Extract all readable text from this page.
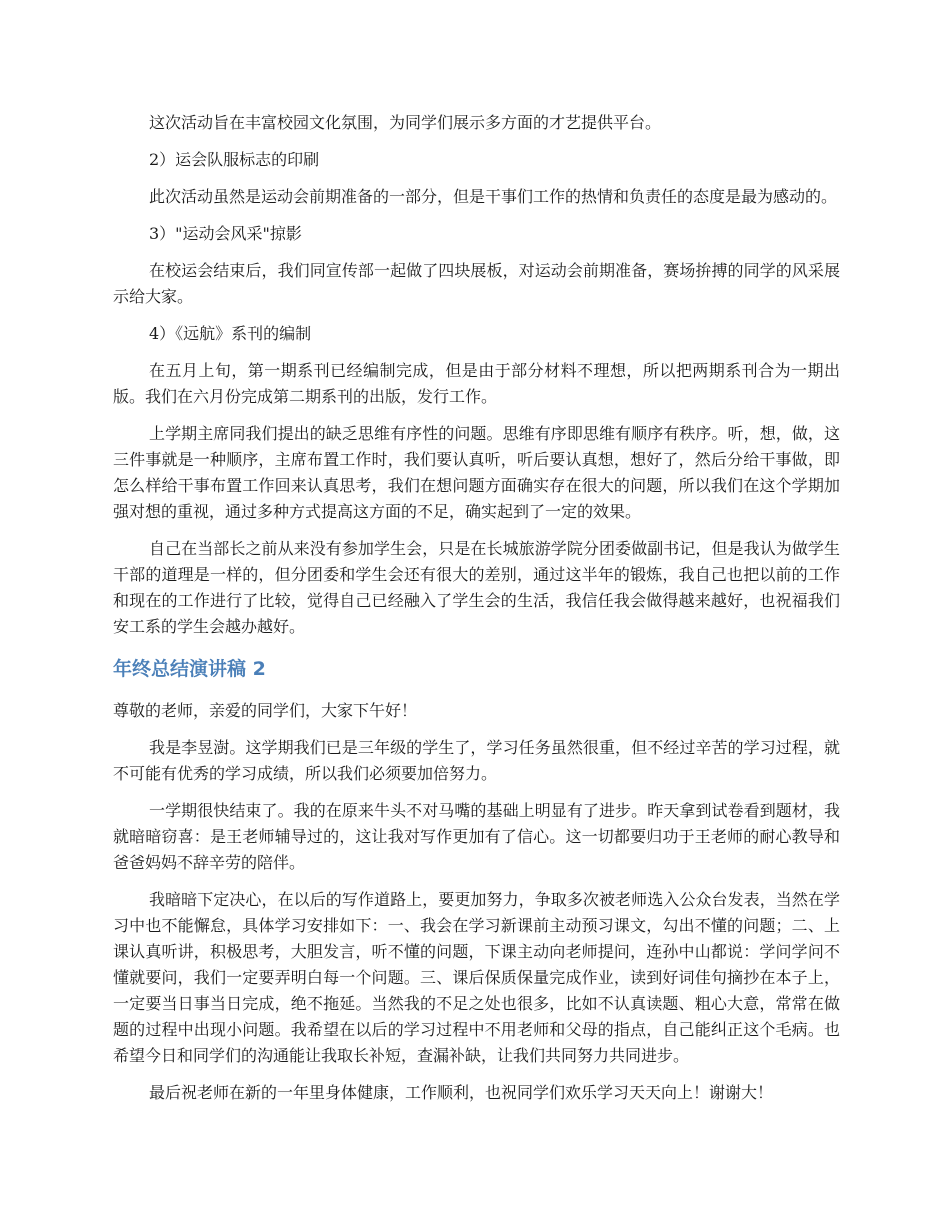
这次活动旨在丰富校园文化氛围，为同学们展示多方面的才艺提供平台。

2）运会队服标志的印刷

此次活动虽然是运动会前期准备的一部分，但是干事们工作的热情和负责任的态度是最为感动的。

3）"运动会风采"掠影

在校运会结束后，我们同宣传部一起做了四块展板，对运动会前期准备，赛场拚搏的同学的风采展示给大家。

4）《远航》系刊的编制

在五月上旬，第一期系刊已经编制完成，但是由于部分材料不理想，所以把两期系刊合为一期出版。我们在六月份完成第二期系刊的出版，发行工作。

上学期主席同我们提出的缺乏思维有序性的问题。思维有序即思维有顺序有秩序。听，想，做，这三件事就是一种顺序，主席布置工作时，我们要认真听，听后要认真想，想好了，然后分给干事做，即怎么样给干事布置工作回来认真思考，我们在想问题方面确实存在很大的问题，所以我们在这个学期加强对想的重视，通过多种方式提高这方面的不足，确实起到了一定的效果。

自己在当部长之前从来没有参加学生会，只是在长城旅游学院分团委做副书记，但是我认为做学生干部的道理是一样的，但分团委和学生会还有很大的差别，通过这半年的锻炼，我自己也把以前的工作和现在的工作进行了比较，觉得自己已经融入了学生会的生活，我信任我会做得越来越好，也祝福我们安工系的学生会越办越好。

年终总结演讲稿 2

尊敬的老师，亲爱的同学们，大家下午好！

我是李昱澍。这学期我们已是三年级的学生了，学习任务虽然很重，但不经过辛苦的学习过程，就不可能有优秀的学习成绩，所以我们必须要加倍努力。

一学期很快结束了。我的在原来牛头不对马嘴的基础上明显有了进步。昨天拿到试卷看到题材，我就暗暗窃喜：是王老师辅导过的，这让我对写作更加有了信心。这一切都要归功于王老师的耐心教导和爸爸妈妈不辞辛劳的陪伴。

我暗暗下定决心，在以后的写作道路上，要更加努力，争取多次被老师选入公众台发表，当然在学习中也不能懈怠，具体学习安排如下：一、我会在学习新课前主动预习课文，勾出不懂的问题；二、上课认真听讲，积极思考，大胆发言，听不懂的问题，下课主动向老师提问，连孙中山都说：学问学问不懂就要问，我们一定要弄明白每一个问题。三、课后保质保量完成作业，读到好词佳句摘抄在本子上，一定要当日事当日完成，绝不拖延。当然我的不足之处也很多，比如不认真读题、粗心大意，常常在做题的过程中出现小问题。我希望在以后的学习过程中不用老师和父母的指点，自己能纠正这个毛病。也希望今日和同学们的沟通能让我取长补短，查漏补缺，让我们共同努力共同进步。

最后祝老师在新的一年里身体健康，工作顺利，也祝同学们欢乐学习天天向上！谢谢大！
